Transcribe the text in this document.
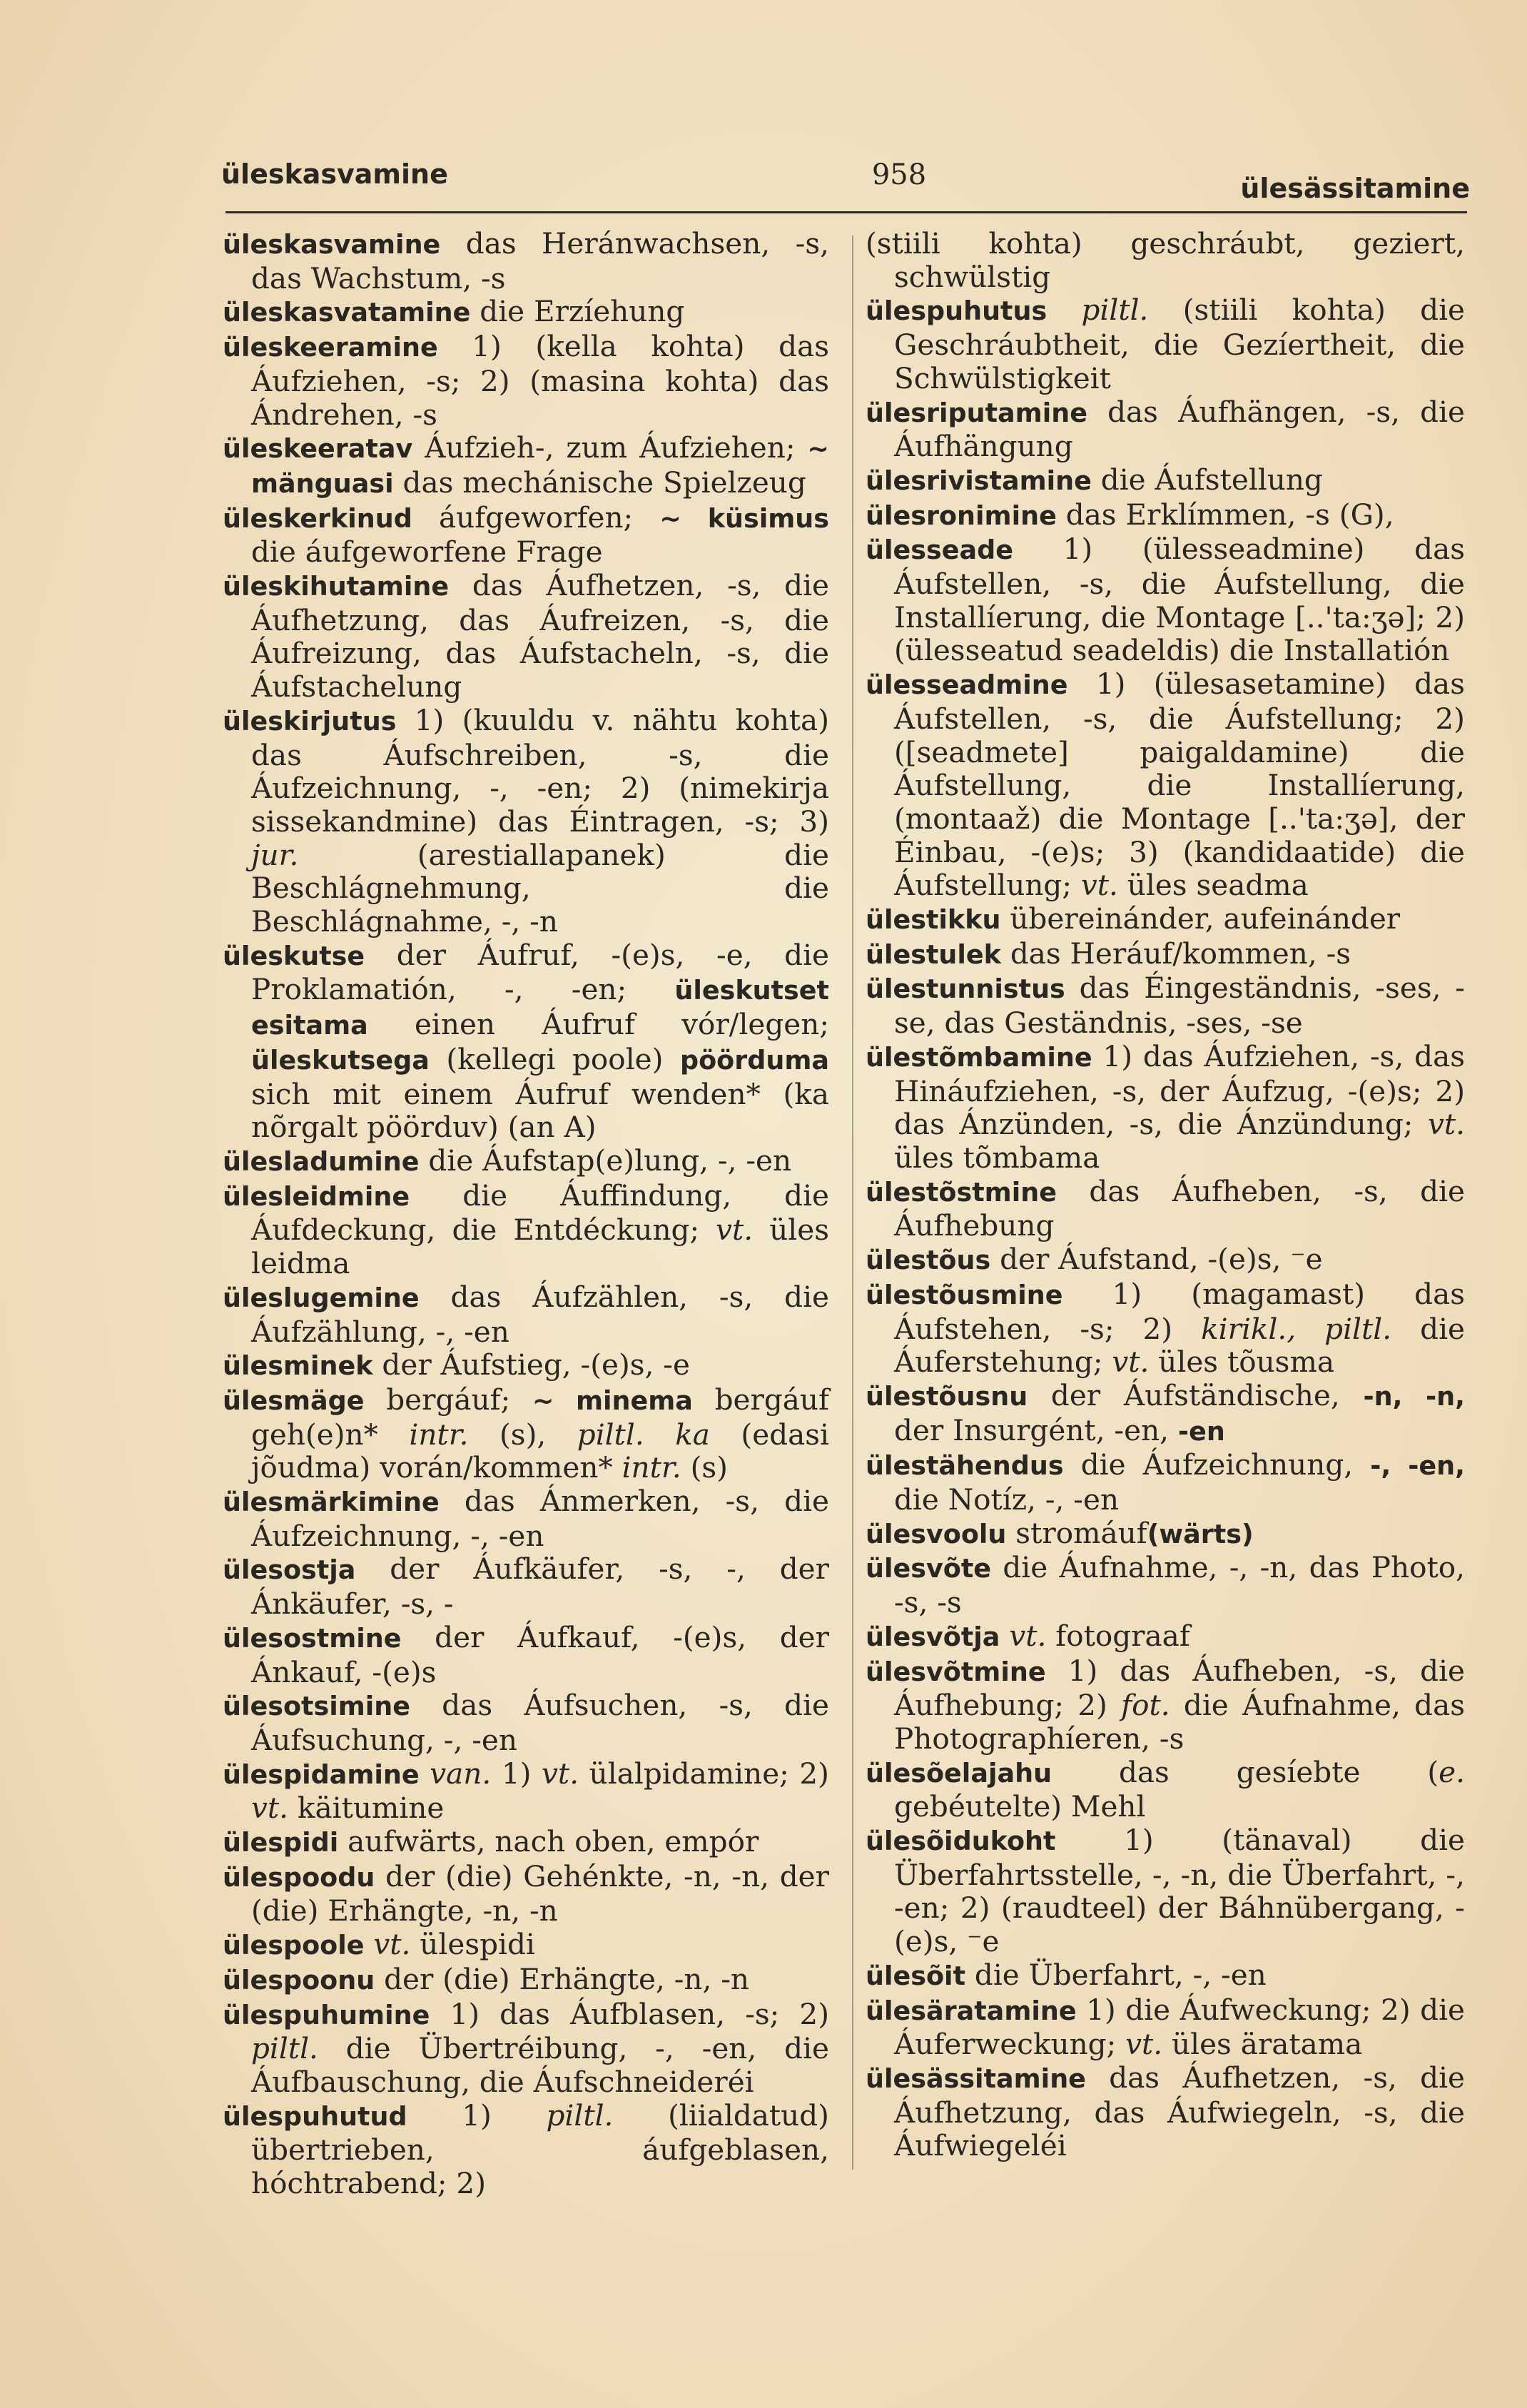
üleskasvamine	958	ülesässitamine

üleskasvamine das Heránwachsen, -s, das Wachstum, -s

üleskasvatamine die Erzíehung

üleskeeramine 1) (kella kohta) das Áufziehen, -s; 2) (masina kohta) das Ándrehen, -s

üleskeeratav Áufzieh-, zum Áufziehen; ~ mänguasi das mechánische Spielzeug

üleskerkinud áufgeworfen; ~ küsimus die áufgeworfene Frage

üleskihutamine das Áufhetzen, -s, die Áufhetzung, das Áufreizen, -s, die Áufreizung, das Áufstacheln, -s, die Áufstachelung

üleskirjutus 1) (kuuldu v. nähtu kohta) das Áufschreiben, -s, die Áufzeichnung, -, -en; 2) (nimekirja sissekandmine) das Éintragen, -s; 3) jur. (arestiallapanek) die Beschlágnehmung, die Beschlágnahme, -, -n

üleskutse der Áufruf, -(e)s, -e, die Proklamatión, -, -en; üleskutset esitama einen Áufruf vór/legen; üleskutsega (kellegi poole) pöörduma sich mit einem Áufruf wenden* (ka nõrgalt pöörduv) (an A)

ülesladumine die Áufstap(e)lung, -, -en

ülesleidmine die Áuffindung, die Áufdeckung, die Entdéckung; vt. üles leidma

üleslugemine das Áufzählen, -s, die Áufzählung, -, -en

ülesminek der Áufstieg, -(e)s, -e

ülesmäge bergáuf; ~ minema bergáuf geh(e)n* intr. (s), piltl. ka (edasi jõudma) vorán/kommen* intr. (s)

ülesmärkimine das Ánmerken, -s, die Áufzeichnung, -, -en

ülesostja der Áufkäufer, -s, -, der Ánkäufer, -s, -

ülesostmine der Áufkauf, -(e)s, der Ánkauf, -(e)s

ülesotsimine das Áufsuchen, -s, die Áufsuchung, -, -en

ülespidamine van. 1) vt. ülalpidamine; 2) vt. käitumine

ülespidi aufwärts, nach oben, empór

ülespoodu der (die) Gehénkte, -n, -n, der (die) Erhängte, -n, -n

ülespoole vt. ülespidi

ülespoonu der (die) Erhängte, -n, -n

ülespuhumine 1) das Áufblasen, -s; 2) piltl. die Übertréibung, -, -en, die Áufbauschung, die Áufschneideréi

ülespuhutud 1) piltl. (liialdatud) übertrieben, áufgeblasen, hóchtrabend; 2)

(stiili kohta) geschráubt, geziert, schwülstig

ülespuhutus piltl. (stiili kohta) die Geschráubtheit, die Gezíertheit, die Schwülstigkeit

ülesriputamine das Áufhängen, -s, die Áufhängung

ülesrivistamine die Áufstellung

ülesronimine das Erklímmen, -s (G),

ülesseade 1) (ülesseadmine) das Áufstellen, -s, die Áufstellung, die Installíerung, die Montage [..'ta:ʒə]; 2) (ülesseatud seadeldis) die Installatión

ülesseadmine 1) (ülesasetamine) das Áufstellen, -s, die Áufstellung; 2) ([seadmete] paigaldamine) die Áufstellung, die Installíerung, (montaaž) die Montage [..'ta:ʒə], der Éinbau, -(e)s; 3) (kandidaatide) die Áufstellung; vt. üles seadma

ülestikku übereinánder, aufeinánder

ülestulek das Heráuf/kommen, -s

ülestunnistus das Éingeständnis, -ses, -se, das Geständnis, -ses, -se

ülestõmbamine 1) das Áufziehen, -s, das Hináufziehen, -s, der Áufzug, -(e)s; 2) das Ánzünden, -s, die Ánzündung; vt. üles tõmbama

ülestõstmine das Áufheben, -s, die Áufhebung

ülestõus der Áufstand, -(e)s, ⁻e

ülestõusmine 1) (magamast) das Áufstehen, -s; 2) kirikl., piltl. die Áuferstehung; vt. üles tõusma

ülestõusnu der Áufständische, -n, -n, der Insurgént, -en, -en

ülestähendus die Áufzeichnung, -, -en, die Notíz, -, -en

ülesvoolu stromáuf(wärts)

ülesvõte die Áufnahme, -, -n, das Photo, -s, -s

ülesvõtja vt. fotograaf

ülesvõtmine 1) das Áufheben, -s, die Áufhebung; 2) fot. die Áufnahme, das Photographíeren, -s

ülesõelajahu das gesíebte (e. gebéutelte) Mehl

ülesõidukoht 1) (tänaval) die Überfahrtsstelle, -, -n, die Überfahrt, -, -en; 2) (raudteel) der Báhnübergang, -(e)s, ⁻e

ülesõit die Überfahrt, -, -en

ülesäratamine 1) die Áufweckung; 2) die Áuferweckung; vt. üles äratama

ülesässitamine das Áufhetzen, -s, die Áufhetzung, das Áufwiegeln, -s, die Áufwiegeléi
